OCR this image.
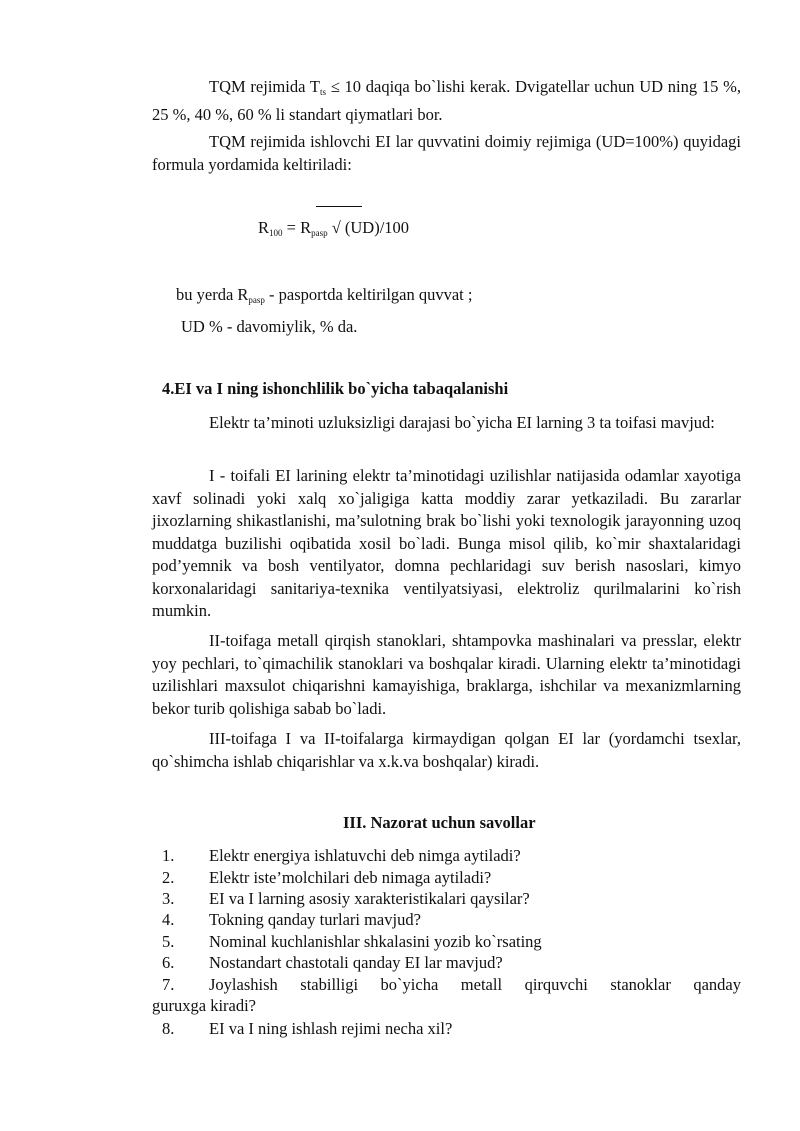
TQM rejimida $T_{ts} \le 10$ daqiqa bo`lishi kerak. Dvigatellar uchun UD ning 15 %, 25 %, 40 %, 60 % li standart qiymatlari bor.
TQM rejimida ishlovchi EI lar quvvatini doimiy rejimiga (UD=100%) quyidagi formula yordamida keltiriladi:
$R_{100} = R_{pasp}$ √ (UD)/100
bu yerda $R_{pasp}$ - pasportda keltirilgan quvvat ;
UD % - davomiylik, % da.
4.EI va I ning ishonchlilik bo`yicha tabaqalanishi
Elektr ta’minoti uzluksizligi darajasi bo`yicha EI larning 3 ta toifasi mavjud:
I - toifali EI larining elektr ta’minotidagi uzilishlar natijasida odamlar xayotiga xavf solinadi yoki xalq xo`jaligiga katta moddiy zarar yetkaziladi. Bu zararlar jixozlarning shikastlanishi, ma’sulotning brak bo`lishi yoki texnologik jarayonning uzoq muddatga buzilishi oqibatida xosil bo`ladi. Bunga misol qilib, ko`mir shaxtalaridagi pod’yemnik va bosh ventilyator, domna pechlaridagi suv berish nasoslari, kimyo korxonalaridagi sanitariya-texnika ventilyatsiyasi, elektroliz qurilmalarini ko`rish mumkin.
II-toifaga metall qirqish stanoklari, shtampovka mashinalari va presslar, elektr yoy pechlari, to`qimachilik stanoklari va boshqalar kiradi. Ularning elektr ta’minotidagi uzilishlari maxsulot chiqarishni kamayishiga, braklarga, ishchilar va mexanizmlarning bekor turib qolishiga sabab bo`ladi.
III-toifaga I va II-toifalarga kirmaydigan qolgan EI lar (yordamchi tsexlar, qo`shimcha ishlab chiqarishlar va x.k.va boshqalar) kiradi.
III. Nazorat uchun savollar
1. Elektr energiya ishlatuvchi deb nimga aytiladi?
2. Elektr iste’molchilari deb nimaga aytiladi?
3. EI va I larning asosiy xarakteristikalari qaysilar?
4. Tokning qanday turlari mavjud?
5. Nominal kuchlanishlar shkalasini yozib ko`rsating
6. Nostandart chastotali qanday EI lar mavjud?
7. Joylashish stabilligi bo`yicha metall qirquvchi stanoklar qanday
guruxga kiradi?
8. EI va I ning ishlash rejimi necha xil?
